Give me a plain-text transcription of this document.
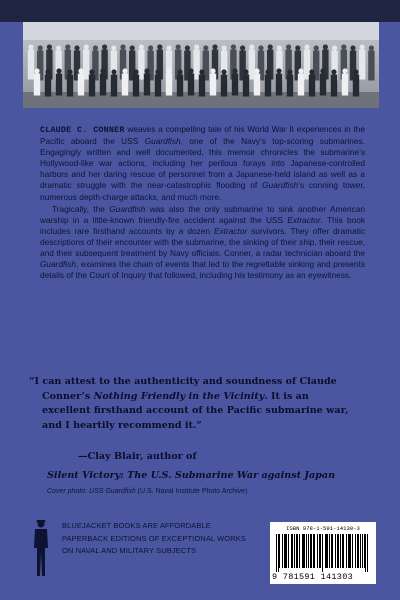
CLAUDE C. CONNER weaves a compelling tale of his World War II experiences in the Pacific aboard the USS Guardfish, one of the Navy’s top-scoring submarines. Engagingly written and well documented, this memoir chronicles the submarine’s Hollywood-like war actions, including her perilous forays into Japanese-controlled harbors and her daring rescue of personnel from a Japanese-held island as well as a dramatic struggle with the near-catastrophic flooding of Guardfish’s conning tower, numerous depth-charge attacks, and much more.

Tragically, the Guardfish was also the only submarine to sink another American warship in a little-known friendly-fire accident against the USS Extractor. This book includes rare firsthand accounts by a dozen Extractor survivors. They offer dramatic descriptions of their encounter with the submarine, the sinking of their ship, their rescue, and their subsequent treatment by Navy officials. Conner, a radar technician aboard the Guardfish, examines the chain of events that led to the regrettable sinking and presents details of the Court of Inquiry that followed, including his testimony as an eyewitness.

“I can attest to the authenticity and soundness of Claude
Conner’s Nothing Friendly in the Vicinity. It is an
excellent firsthand account of the Pacific submarine war,
and I heartily recommend it.”
—Clay Blair, author of
Silent Victory: The U.S. Submarine War against Japan
Cover photo: USS Guardfish (U.S. Naval Institute Photo Archive)
BLUEJACKET BOOKS ARE AFFORDABLE
PAPERBACK EDITIONS OF EXCEPTIONAL WORKS
ON NAVAL AND MILITARY SUBJECTS
ISBN 978-1-591-14130-3
9 781591 141303
